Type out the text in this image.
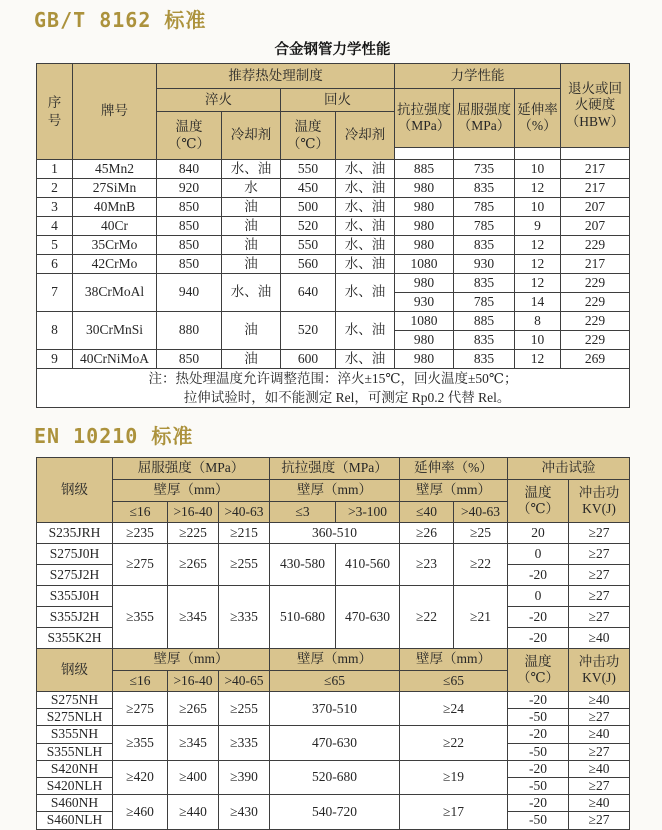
GB/T 8162 标准
合金钢管力学性能
序号	牌号	推荐热处理制度				力学性能			退火或回火硬度（HBW）
		淬火		回火		抗拉强度（MPa）	屈服强度（MPa）	延伸率（%）	
		温度（℃）	冷却剂	温度（℃）	冷却剂				

1	45Mn2	840	水、油	550	水、油	885	735	10	217
2	27SiMn	920	水	450	水、油	980	835	12	217
3	40MnB	850	油	500	水、油	980	785	10	207
4	40Cr	850	油	520	水、油	980	785	9	207
5	35CrMo	850	油	550	水、油	980	835	12	229
6	42CrMo	850	油	560	水、油	1080	930	12	217
7	38CrMoAl	940	水、油	640	水、油	980	835	12	229
						930	785	14	229
8	30CrMnSi	880	油	520	水、油	1080	885	8	229
						980	835	10	229
9	40CrNiMoA	850	油	600	水、油	980	835	12	269

注：热处理温度允许调整范围：淬火±15℃，回火温度±50℃；
拉伸试验时，如不能测定 Rel，可测定 Rp0.2 代替 Rel。									
EN 10210 标准
钢级	屈服强度（MPa）			抗拉强度（MPa）		延伸率（%）		冲击试验	
	壁厚（mm）			壁厚（mm）		壁厚（mm）		温度（℃）	冲击功 KV(J)
	≤16	>16-40	>40-63	≤3	>3-100	≤40	>40-63		
S235JRH	≥235	≥225	≥215	360-510		≥26	≥25	20	≥27
S275J0H	≥275	≥265	≥255	430-580	410-560	≥23	≥22	0	≥27
S275J2H								-20	≥27
S355J0H	≥355	≥345	≥335	510-680	470-630	≥22	≥21	0	≥27
S355J2H								-20	≥27
S355K2H								-20	≥40
钢级	壁厚（mm）			壁厚（mm）		壁厚（mm）		温度（℃）	冲击功 KV(J)
	≤16	>16-40	>40-65	≤65		≤65			
S275NH	≥275	≥265	≥255	370-510		≥24		-20	≥40
S275NLH								-50	≥27
S355NH	≥355	≥345	≥335	470-630		≥22		-20	≥40
S355NLH								-50	≥27
S420NH	≥420	≥400	≥390	520-680		≥19		-20	≥40
S420NLH								-50	≥27
S460NH	≥460	≥440	≥430	540-720		≥17		-20	≥40
S460NLH								-50	≥27
